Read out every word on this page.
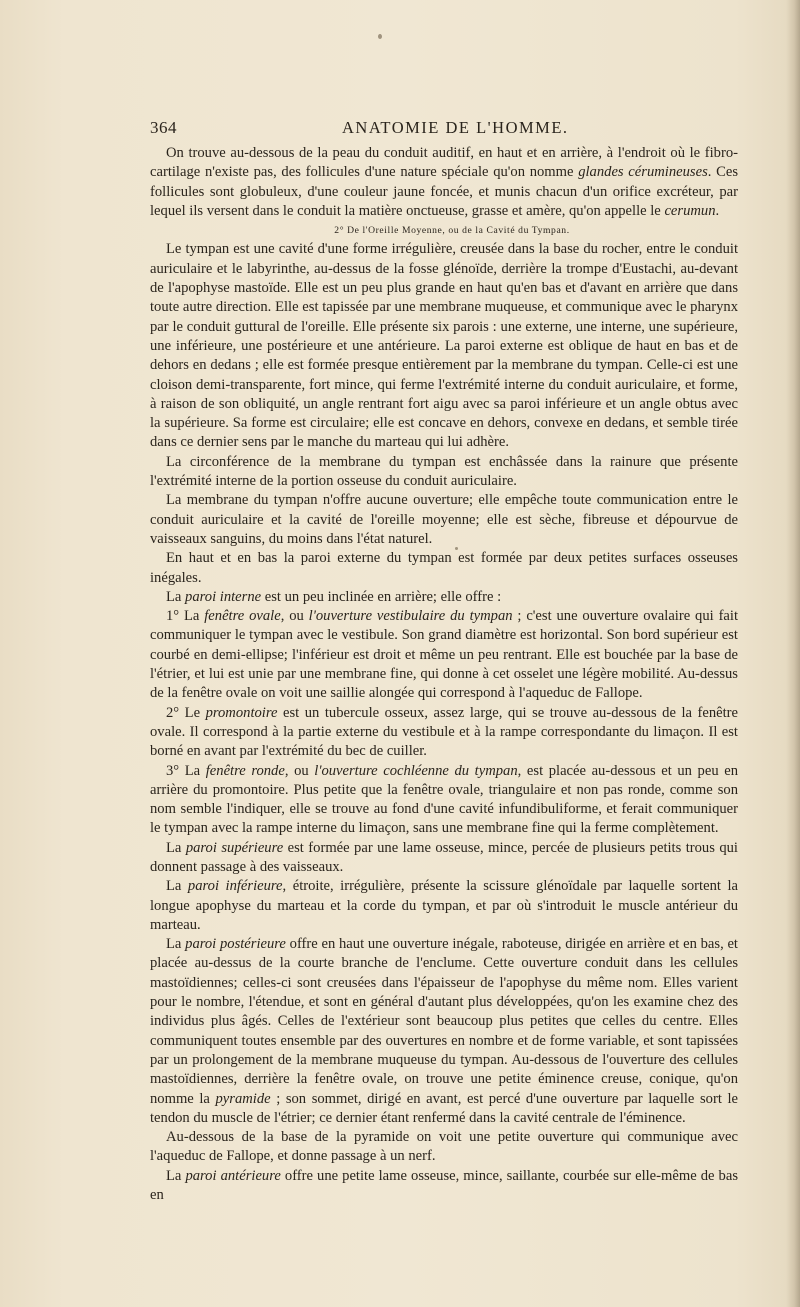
364	ANATOMIE DE L'HOMME.

On trouve au-dessous de la peau du conduit auditif, en haut et en arrière, à l'endroit où le fibro-cartilage n'existe pas, des follicules d'une nature spéciale qu'on nomme glandes cérumineuses. Ces follicules sont globuleux, d'une couleur jaune foncée, et munis chacun d'un orifice excréteur, par lequel ils versent dans le conduit la matière onctueuse, grasse et amère, qu'on appelle le cerumun.

2° De l'Oreille Moyenne, ou de la Cavité du Tympan.

Le tympan est une cavité d'une forme irrégulière, creusée dans la base du rocher, entre le conduit auriculaire et le labyrinthe, au-dessus de la fosse glénoïde, derrière la trompe d'Eustachi, au-devant de l'apophyse mastoïde. Elle est un peu plus grande en haut qu'en bas et d'avant en arrière que dans toute autre direction. Elle est tapissée par une membrane muqueuse, et communique avec le pharynx par le conduit guttural de l'oreille. Elle présente six parois : une externe, une interne, une supérieure, une inférieure, une postérieure et une antérieure. La paroi externe est oblique de haut en bas et de dehors en dedans ; elle est formée presque entièrement par la membrane du tympan. Celle-ci est une cloison demi-transparente, fort mince, qui ferme l'extrémité interne du conduit auriculaire, et forme, à raison de son obliquité, un angle rentrant fort aigu avec sa paroi inférieure et un angle obtus avec la supérieure. Sa forme est circulaire; elle est concave en dehors, convexe en dedans, et semble tirée dans ce dernier sens par le manche du marteau qui lui adhère.

La circonférence de la membrane du tympan est enchâssée dans la rainure que présente l'extrémité interne de la portion osseuse du conduit auriculaire.

La membrane du tympan n'offre aucune ouverture; elle empêche toute communication entre le conduit auriculaire et la cavité de l'oreille moyenne; elle est sèche, fibreuse et dépourvue de vaisseaux sanguins, du moins dans l'état naturel.

En haut et en bas la paroi externe du tympan est formée par deux petites surfaces osseuses inégales.

La paroi interne est un peu inclinée en arrière; elle offre :

1° La fenêtre ovale, ou l'ouverture vestibulaire du tympan ; c'est une ouverture ovalaire qui fait communiquer le tympan avec le vestibule. Son grand diamètre est horizontal. Son bord supérieur est courbé en demi-ellipse; l'inférieur est droit et même un peu rentrant. Elle est bouchée par la base de l'étrier, et lui est unie par une membrane fine, qui donne à cet osselet une légère mobilité. Au-dessus de la fenêtre ovale on voit une saillie alongée qui correspond à l'aqueduc de Fallope.

2° Le promontoire est un tubercule osseux, assez large, qui se trouve au-dessous de la fenêtre ovale. Il correspond à la partie externe du vestibule et à la rampe correspondante du limaçon. Il est borné en avant par l'extrémité du bec de cuiller.

3° La fenêtre ronde, ou l'ouverture cochléenne du tympan, est placée au-dessous et un peu en arrière du promontoire. Plus petite que la fenêtre ovale, triangulaire et non pas ronde, comme son nom semble l'indiquer, elle se trouve au fond d'une cavité infundibuliforme, et ferait communiquer le tympan avec la rampe interne du limaçon, sans une membrane fine qui la ferme complètement.

La paroi supérieure est formée par une lame osseuse, mince, percée de plusieurs petits trous qui donnent passage à des vaisseaux.

La paroi inférieure, étroite, irrégulière, présente la scissure glénoïdale par laquelle sortent la longue apophyse du marteau et la corde du tympan, et par où s'introduit le muscle antérieur du marteau.

La paroi postérieure offre en haut une ouverture inégale, raboteuse, dirigée en arrière et en bas, et placée au-dessus de la courte branche de l'enclume. Cette ouverture conduit dans les cellules mastoïdiennes; celles-ci sont creusées dans l'épaisseur de l'apophyse du même nom. Elles varient pour le nombre, l'étendue, et sont en général d'autant plus développées, qu'on les examine chez des individus plus âgés. Celles de l'extérieur sont beaucoup plus petites que celles du centre. Elles communiquent toutes ensemble par des ouvertures en nombre et de forme variable, et sont tapissées par un prolongement de la membrane muqueuse du tympan. Au-dessous de l'ouverture des cellules mastoïdiennes, derrière la fenêtre ovale, on trouve une petite éminence creuse, conique, qu'on nomme la pyramide ; son sommet, dirigé en avant, est percé d'une ouverture par laquelle sort le tendon du muscle de l'étrier; ce dernier étant renfermé dans la cavité centrale de l'éminence.

Au-dessous de la base de la pyramide on voit une petite ouverture qui communique avec l'aqueduc de Fallope, et donne passage à un nerf.

La paroi antérieure offre une petite lame osseuse, mince, saillante, courbée sur elle-même de bas en
